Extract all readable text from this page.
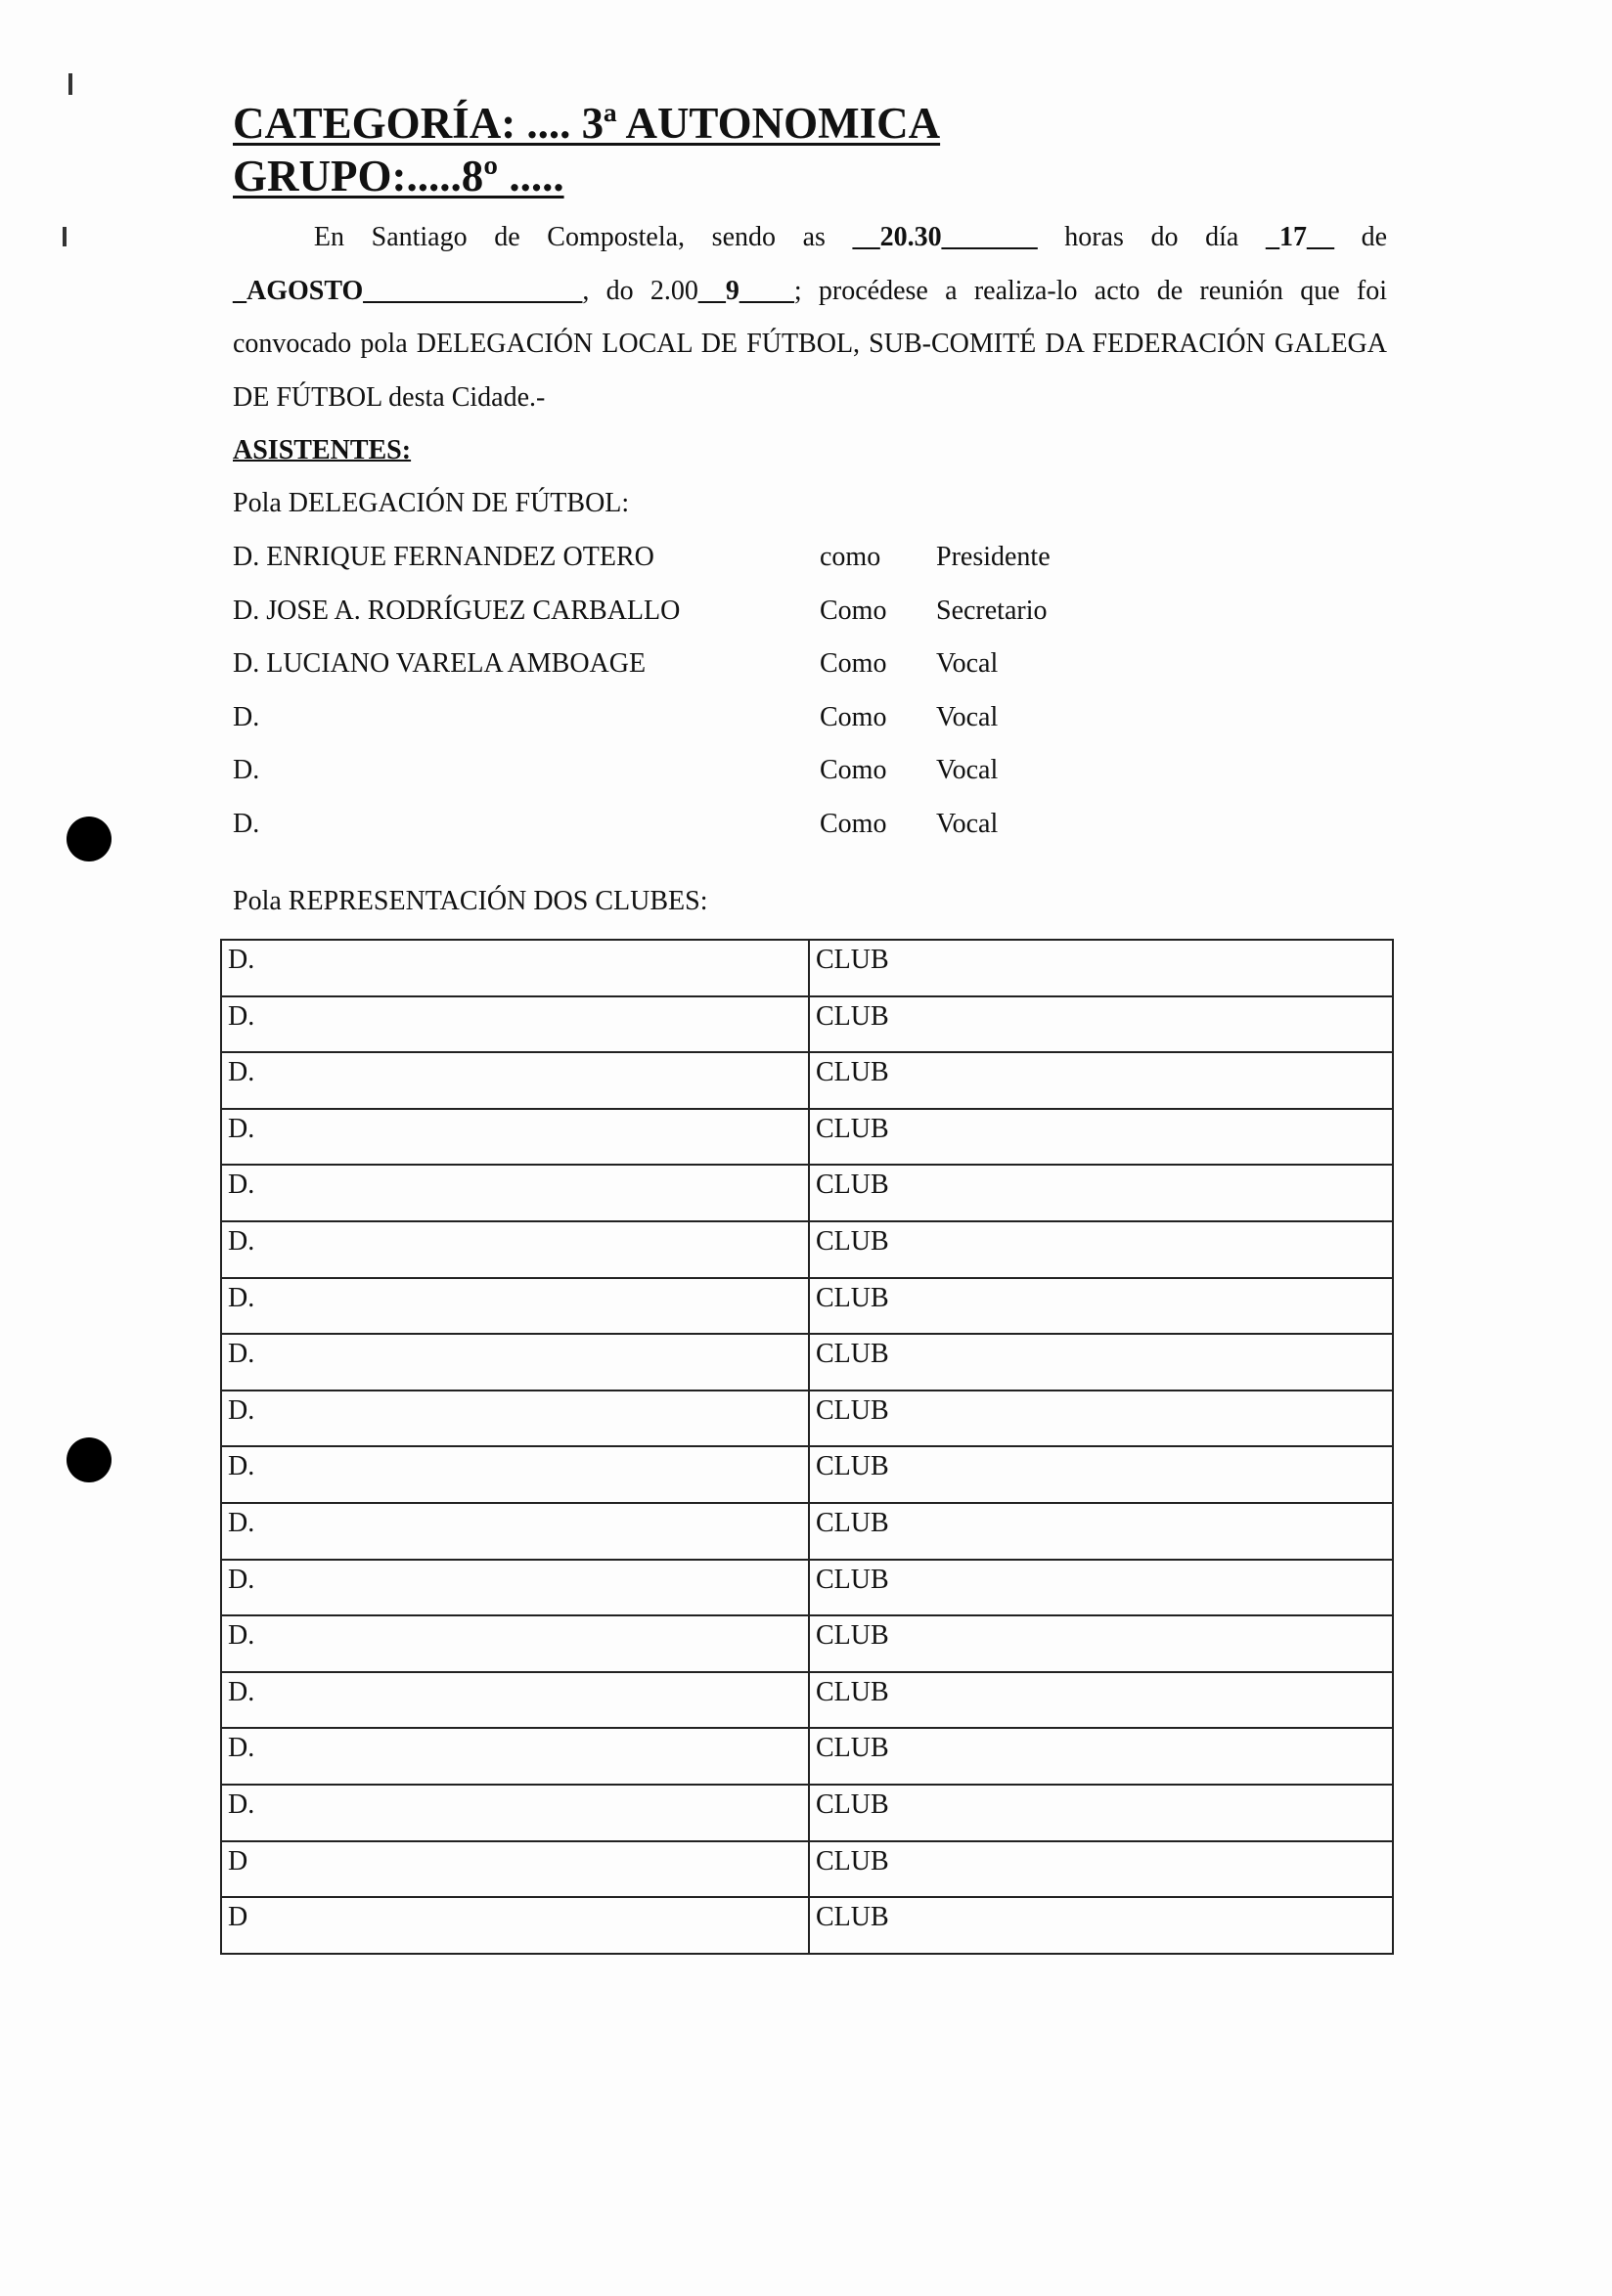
CATEGORÍA: .... 3ª AUTONOMICA
GRUPO:.....8º .....
En Santiago de Compostela, sendo as __20.30_______ horas do día _17__ de _AGOSTO________________, do 2.00__9____; procédese a realiza-lo acto de reunión que foi convocado pola DELEGACIÓN LOCAL DE FÚTBOL, SUB-COMITÉ DA FEDERACIÓN GALEGA DE FÚTBOL desta Cidade.-
ASISTENTES:
Pola DELEGACIÓN DE FÚTBOL:
D. ENRIQUE FERNANDEZ OTERO	como Presidente
D. JOSE A. RODRÍGUEZ CARBALLO	Como Secretario
D. LUCIANO VARELA AMBOAGE	Como Vocal
D.	Como Vocal
D.	Como Vocal
D.	Como Vocal
Pola REPRESENTACIÓN DOS CLUBES:
D.	CLUB
D.	CLUB
D.	CLUB
D.	CLUB
D.	CLUB
D.	CLUB
D.	CLUB
D.	CLUB
D.	CLUB
D.	CLUB
D.	CLUB
D.	CLUB
D.	CLUB
D.	CLUB
D.	CLUB
D.	CLUB
D	CLUB
D	CLUB
